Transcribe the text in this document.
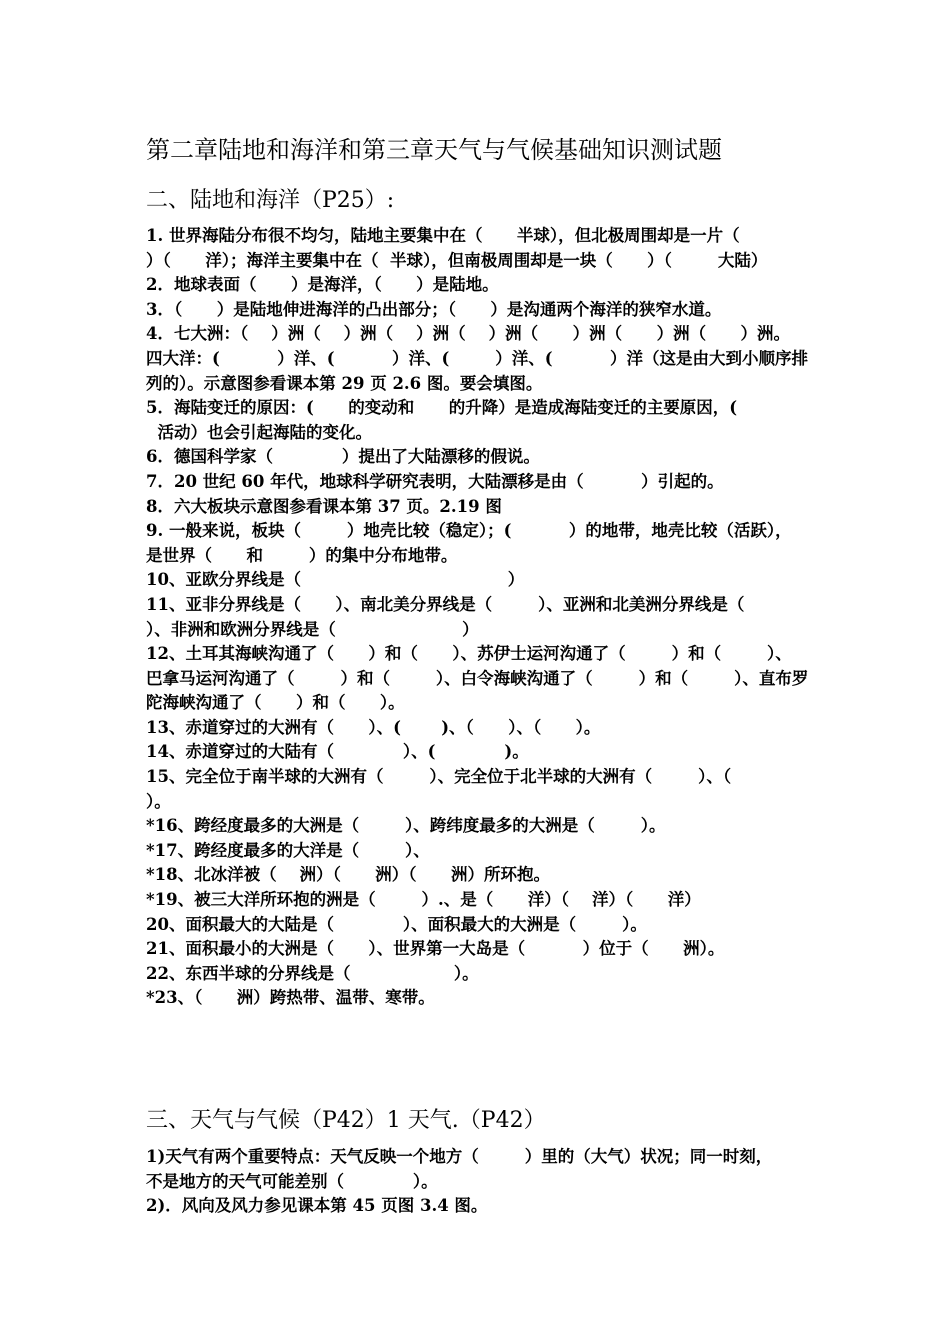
第二章陆地和海洋和第三章天气与气候基础知识测试题
二、陆地和海洋（P25）:
1. 世界海陆分布很不均匀，陆地主要集中在（      半球），但北极周围却是一片（
）（      洋）；海洋主要集中在（  半球），但南极周围却是一块（      ）（        大陆）
2．地球表面（      ）是海洋，（      ）是陆地。
3．（      ）是陆地伸进海洋的凸出部分；（      ）是沟通两个海洋的狭窄水道。
4．七大洲：（    ）洲（    ）洲（    ）洲（    ）洲（      ）洲（      ）洲（      ）洲。
四大洋：(          ）洋、(          ）洋、(        ）洋、(          ）洋（这是由大到小顺序排
列的）。示意图参看课本第 29 页 2.6 图。要会填图。
5．海陆变迁的原因：(      的变动和      的升降）是造成海陆变迁的主要原因，(
活动）也会引起海陆的变化。
6．德国科学家（            ）提出了大陆漂移的假说。
7．20 世纪 60 年代，地球科学研究表明，大陆漂移是由（          ）引起的。
8．六大板块示意图参看课本第 37 页。2.19 图
9. 一般来说，板块（        ）地壳比较（稳定）；(          ）的地带，地壳比较（活跃），
是世界（      和        ）的集中分布地带。
10、亚欧分界线是（                                    ）
11、亚非分界线是（      ）、南北美分界线是（        ）、亚洲和北美洲分界线是（
）、非洲和欧洲分界线是（                      ）
12、土耳其海峡沟通了（      ）和（      ）、苏伊士运河沟通了（        ）和（        ）、
巴拿马运河沟通了（        ）和（        ）、白令海峡沟通了（        ）和（        ）、直布罗
陀海峡沟通了（      ）和（      ）。
13、赤道穿过的大洲有（      ）、(       )、（      ）、（      ）。
14、赤道穿过的大陆有（            ）、(            )。
15、完全位于南半球的大洲有（        ）、完全位于北半球的大洲有（        ）、（
）。
*16、跨经度最多的大洲是（        ）、跨纬度最多的大洲是（        ）。
*17、跨经度最多的大洋是（        ）、
*18、北冰洋被（    洲）（      洲）（      洲）所环抱。
*19、被三大洋所环抱的洲是（        ）.、是（      洋）（    洋）（      洋）
20、面积最大的大陆是（            ）、面积最大的大洲是（        ）。
21、面积最小的大洲是（      ）、世界第一大岛是（          ）位于（      洲）。
22、东西半球的分界线是（                  ）。
*23、（      洲）跨热带、温带、寒带。
三、天气与气候（P42）1 天气.（P42）
1)天气有两个重要特点：天气反映一个地方（        ）里的（大气）状况；同一时刻，
不是地方的天气可能差别（            ）。
2)．风向及风力参见课本第 45 页图 3.4 图。
